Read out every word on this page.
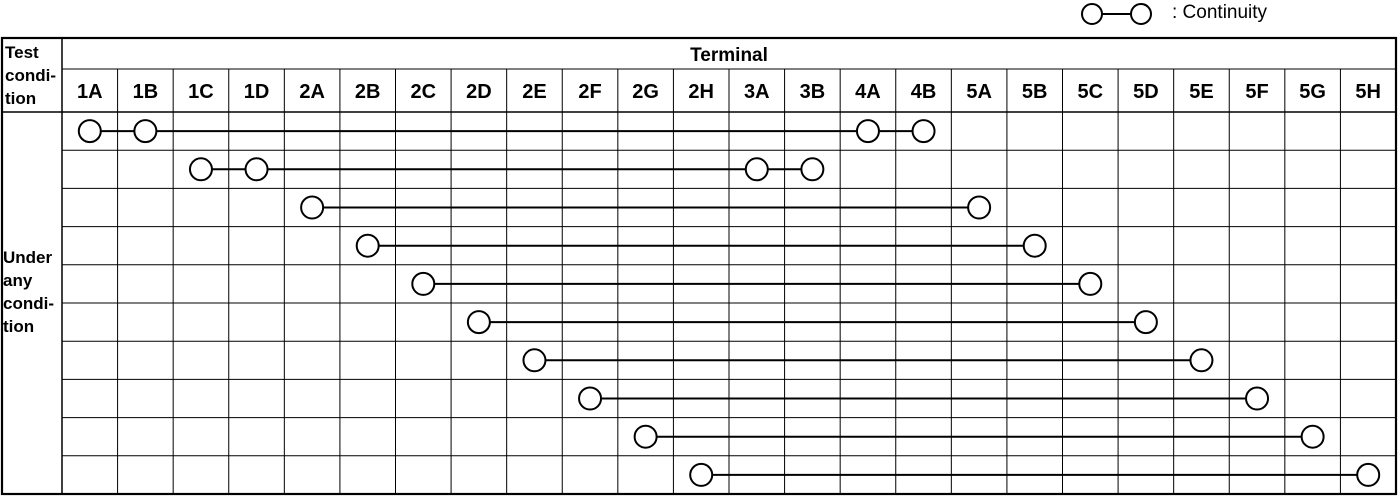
: Continuity
Test
condi-
tion
Terminal
1A 1B 1C 1D 2A 2B 2C 2D 2E 2F 2G 2H 3A 3B 4A 4B 5A 5B 5C 5D 5E 5F 5G 5H
Under
any
condi-
tion
